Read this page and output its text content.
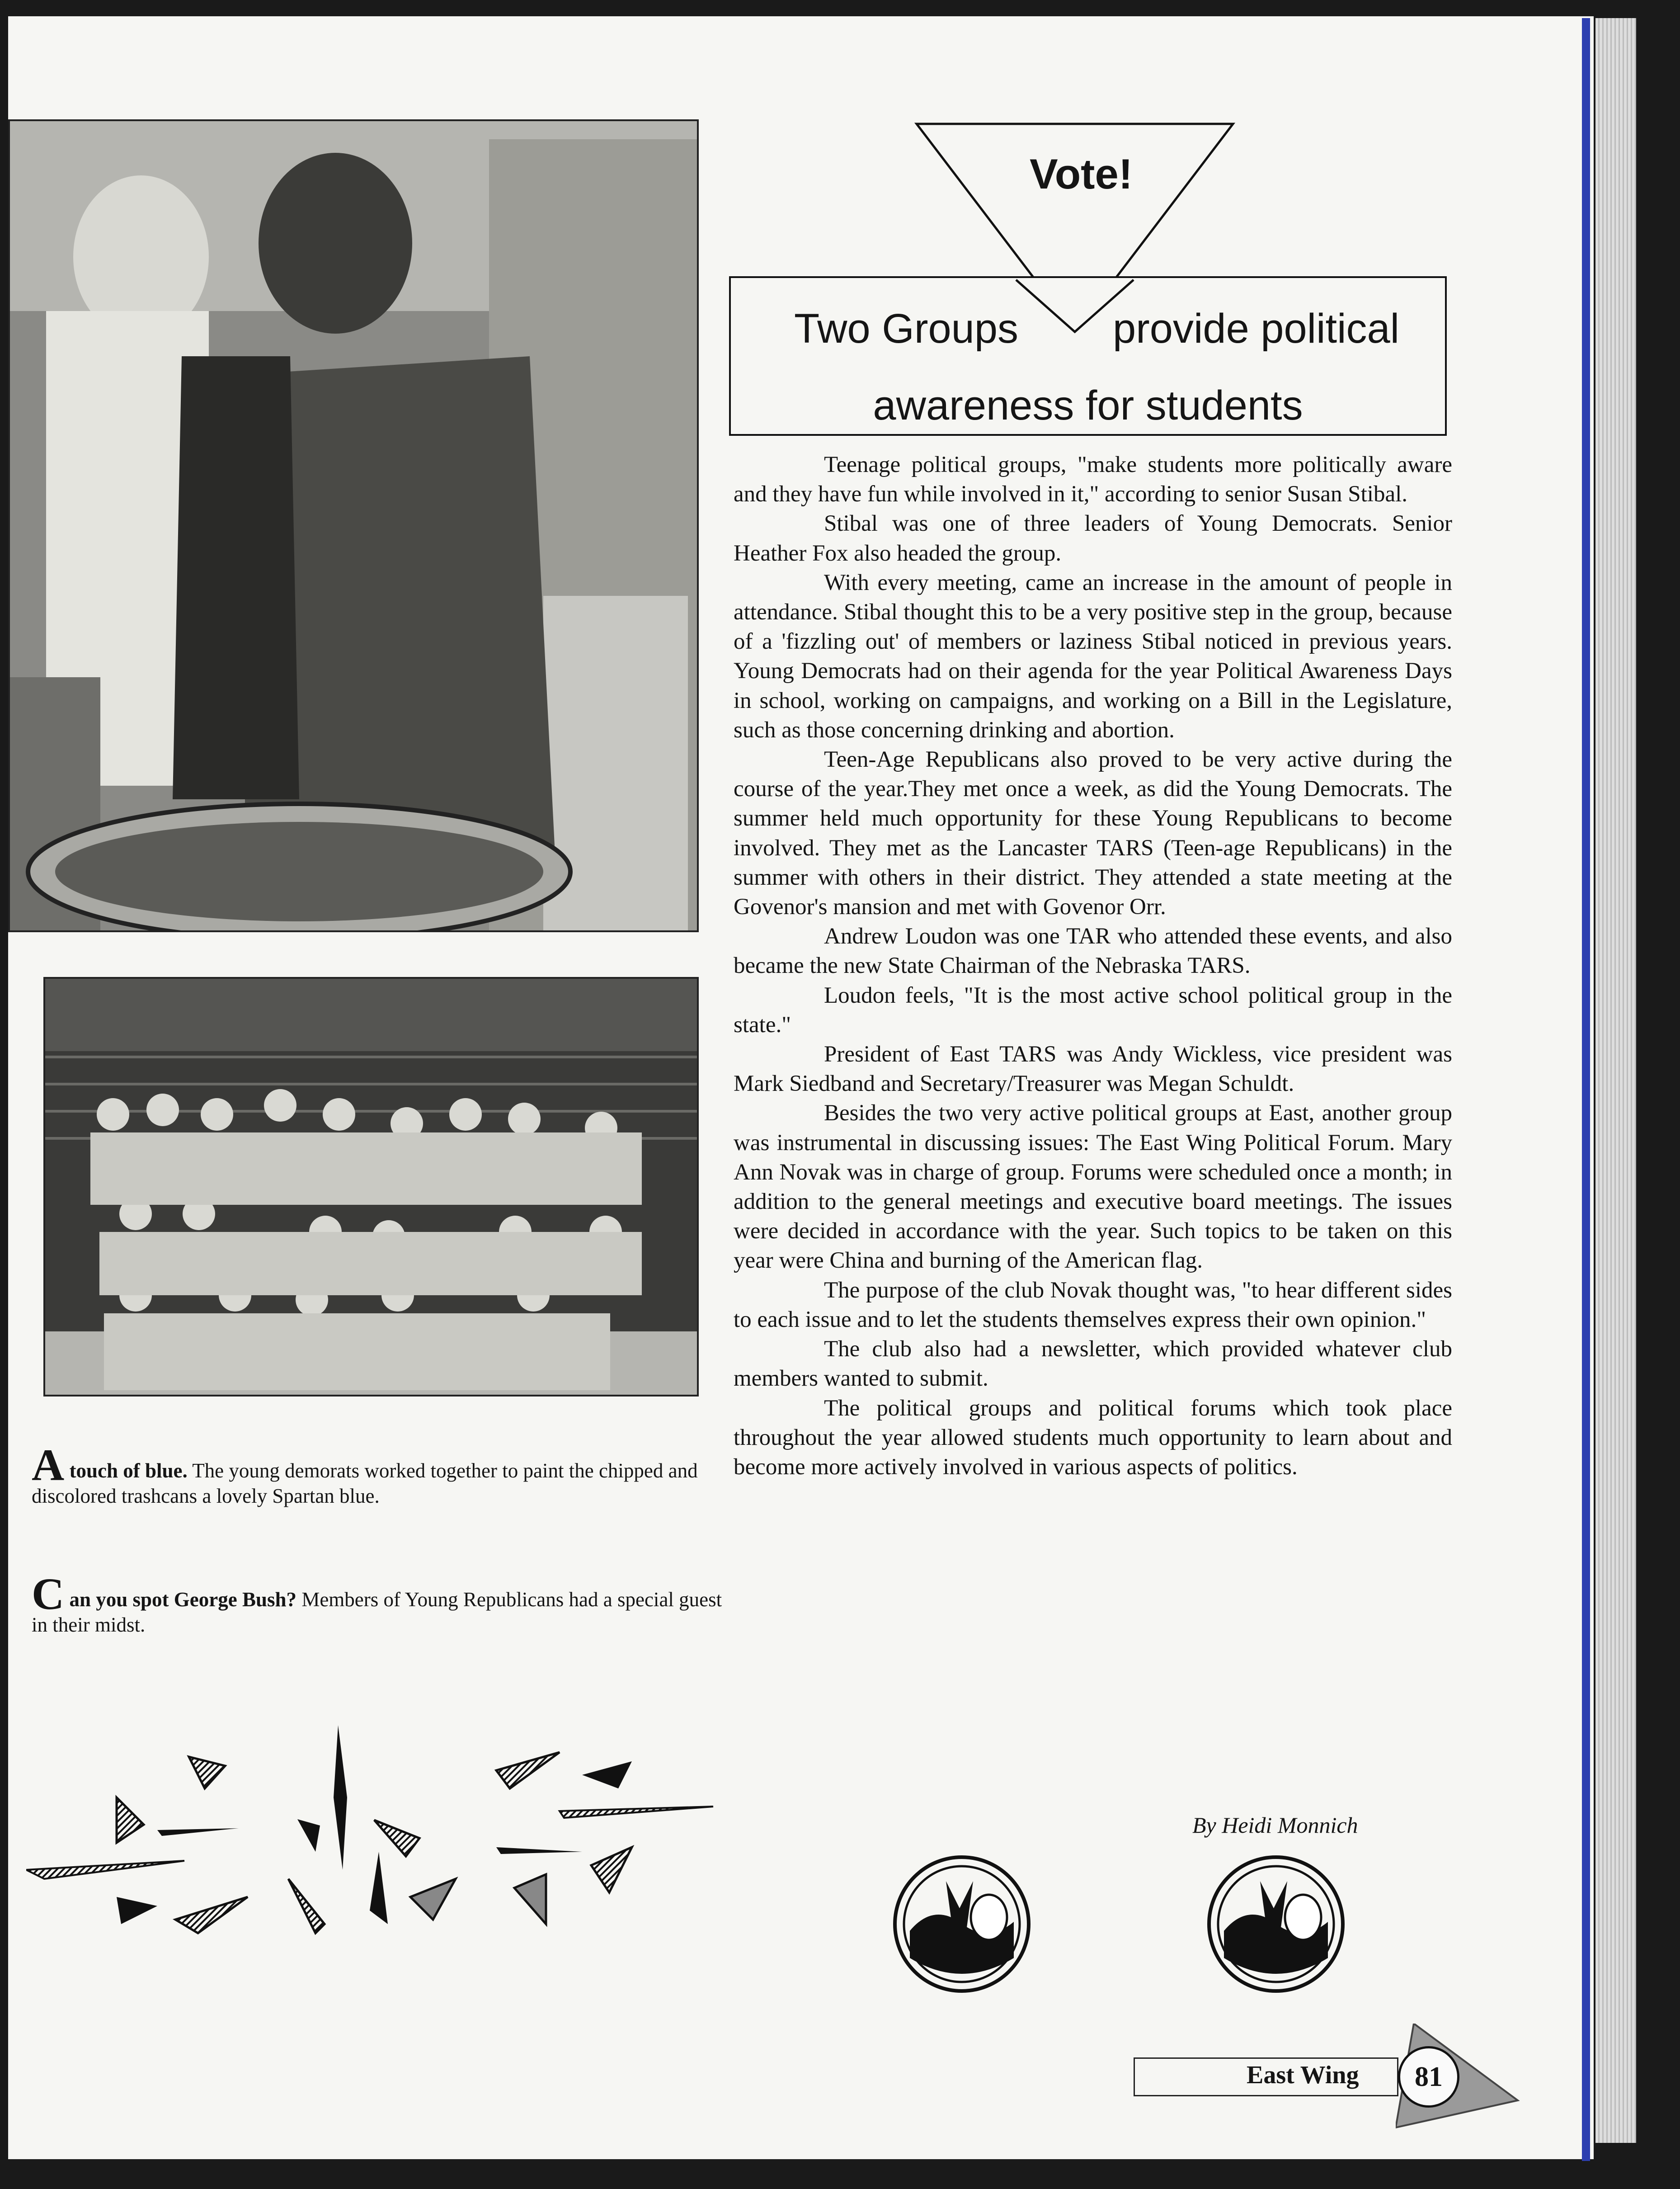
A touch of blue. The young demorats worked together to paint the chipped and discolored trashcans a lovely Spartan blue.
C an you spot George Bush? Members of Young Republicans had a special guest in their midst.
Two Groups provide political
awareness for students
Vote!

Teenage political groups, "make students more politically aware and they have fun while involved in it," according to senior Susan Stibal.

Stibal was one of three leaders of Young Democrats. Senior Heather Fox also headed the group.

With every meeting, came an increase in the amount of people in attendance. Stibal thought this to be a very positive step in the group, because of a 'fizzling out' of members or laziness Stibal noticed in previous years. Young Democrats had on their agenda for the year Political Awareness Days in school, working on campaigns, and working on a Bill in the Legislature, such as those concerning drinking and abortion.

Teen-Age Republicans also proved to be very active during the course of the year.They met once a week, as did the Young Democrats. The summer held much opportunity for these Young Republicans to become involved. They met as the Lancaster TARS (Teen-age Republicans) in the summer with others in their district. They attended a state meeting at the Govenor's mansion and met with Govenor Orr.

Andrew Loudon was one TAR who attended these events, and also became the new State Chairman of the Nebraska TARS.

Loudon feels, "It is the most active school political group in the state."

President of East TARS was Andy Wickless, vice president was Mark Siedband and Secretary/Treasurer was Megan Schuldt.

Besides the two very active political groups at East, another group was instrumental in discussing issues: The East Wing Political Forum. Mary Ann Novak was in charge of group. Forums were scheduled once a month; in addition to the general meetings and executive board meetings. The issues were decided in accordance with the year. Such topics to be taken on this year were China and burning of the American flag.

The purpose of the club Novak thought was, "to hear different sides to each issue and to let the students themselves express their own opinion."

The club also had a newsletter, which provided whatever club members wanted to submit.

The political groups and political forums which took place throughout the year allowed students much opportunity to learn about and become more actively involved in various aspects of politics.

By Heidi Monnich
East Wing	81
